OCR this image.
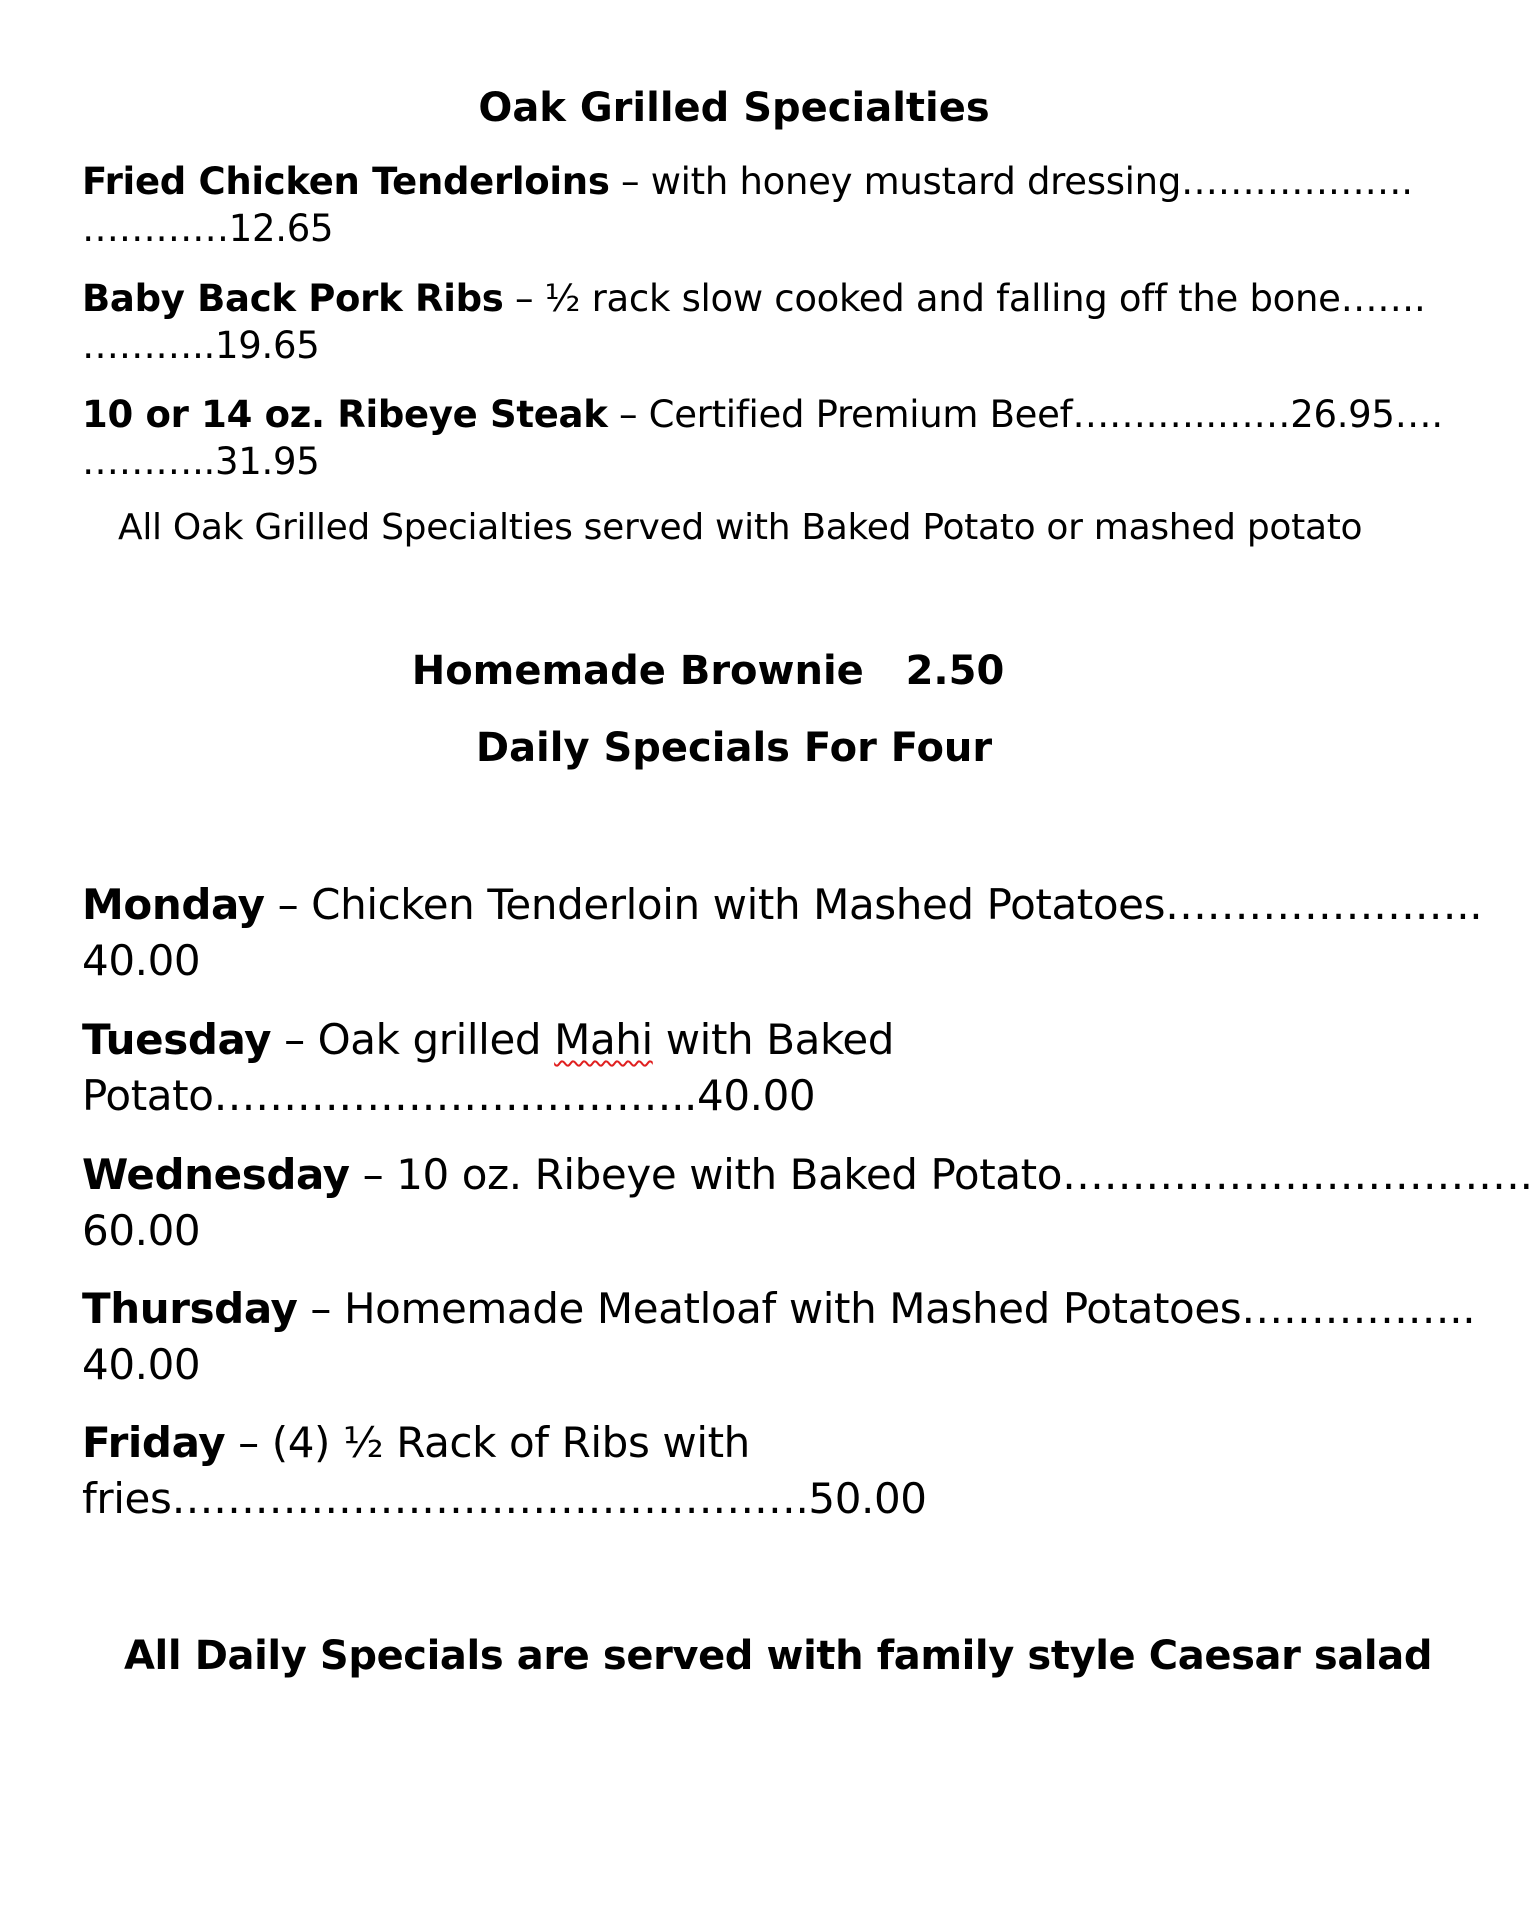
Oak Grilled Specialties
Fried Chicken Tenderloins – with honey mustard dressing……………….
…………12.65
Baby Back Pork Ribs – ½ rack slow cooked and falling off the bone…….
………..19.65
10 or 14 oz. Ribeye Steak – Certified Premium Beef…….…..……26.95….
………..31.95
All Oak Grilled Specialties served with Baked Potato or mashed potato
Homemade Brownie   2.50
Daily Specials For Four
Monday – Chicken Tenderloin with Mashed Potatoes…………………..
40.00
Tuesday – Oak grilled Mahi with Baked
Potato……………………………..40.00
Wednesday – 10 oz. Ribeye with Baked Potato…………………………….
60.00
Thursday – Homemade Meatloaf with Mashed Potatoes……………..
40.00
Friday – (4) ½ Rack of Ribs with
fries……………………………………….50.00
All Daily Specials are served with family style Caesar salad
